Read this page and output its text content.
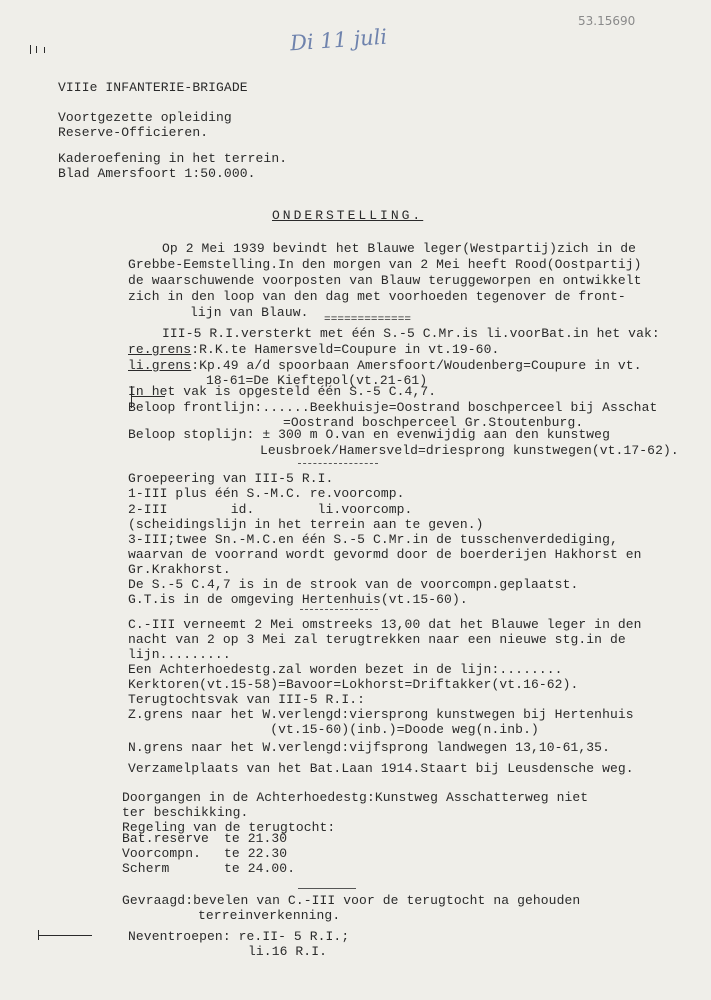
53.15690
Di 11 juli
VIIIe INFANTERIE-BRIGADE
Voortgezette opleiding
Reserve-Officieren.
Kaderoefening in het terrein.
Blad Amersfoort 1:50.000.
ONDERSTELLING.
Op 2 Mei 1939 bevindt het Blauwe leger(Westpartij)zich in de
Grebbe-Eemstelling.In den morgen van 2 Mei heeft Rood(Oostpartij)
de waarschuwende voorposten van Blauw teruggeworpen en ontwikkelt
zich in den loop van den dag met voorhoeden tegenover de front-
lijn van Blauw. =============
III-5 R.I.versterkt met één S.-5 C.Mr.is li.voorBat.in het vak:
re.grens:R.K.te Hamersveld=Coupure in vt.19-60.
li.grens:Kp.49 a/d spoorbaan Amersfoort/Woudenberg=Coupure in vt.
18-61=De Kieftepol(vt.21-61)
In het vak is opgesteld één S.-5 C.4,7.
Beloop frontlijn:......Beekhuisje=Oostrand boschperceel bij Asschat
=Oostrand boschperceel Gr.Stoutenburg.
Beloop stoplijn: ± 300 m O.van en evenwijdig aan den kunstweg
Leusbroek/Hamersveld=driesprong kunstwegen(vt.17-62).
Groepeering van III-5 R.I.
1-III plus één S.-M.C. re.voorcomp.
2-III        id.        li.voorcomp.
(scheidingslijn in het terrein aan te geven.)
3-III;twee Sn.-M.C.en één S.-5 C.Mr.in de tusschenverdediging,
waarvan de voorrand wordt gevormd door de boerderijen Hakhorst en
Gr.Krakhorst.
De S.-5 C.4,7 is in de strook van de voorcompn.geplaatst.
G.T.is in de omgeving Hertenhuis(vt.15-60).
C.-III verneemt 2 Mei omstreeks 13,00 dat het Blauwe leger in den
nacht van 2 op 3 Mei zal terugtrekken naar een nieuwe stg.in de
lijn.........
Een Achterhoedestg.zal worden bezet in de lijn:........
Kerktoren(vt.15-58)=Bavoor=Lokhorst=Driftakker(vt.16-62).
Terugtochtsvak van III-5 R.I.:
Z.grens naar het W.verlengd:viersprong kunstwegen bij Hertenhuis
(vt.15-60)(inb.)=Doode weg(n.inb.)
N.grens naar het W.verlengd:vijfsprong landwegen 13,10-61,35.
Verzamelplaats van het Bat.Laan 1914.Staart bij Leusdensche weg.
Doorgangen in de Achterhoedestg:Kunstweg Asschatterweg niet
ter beschikking.
Regeling van de terugtocht:
Bat.reserve te 21.30
Voorcompn. te 22.30
Scherm	te 24.00.
Gevraagd:bevelen van C.-III voor de terugtocht na gehouden
terreinverkenning.
Neventroepen: re.II- 5 R.I.;
li.16 R.I.
